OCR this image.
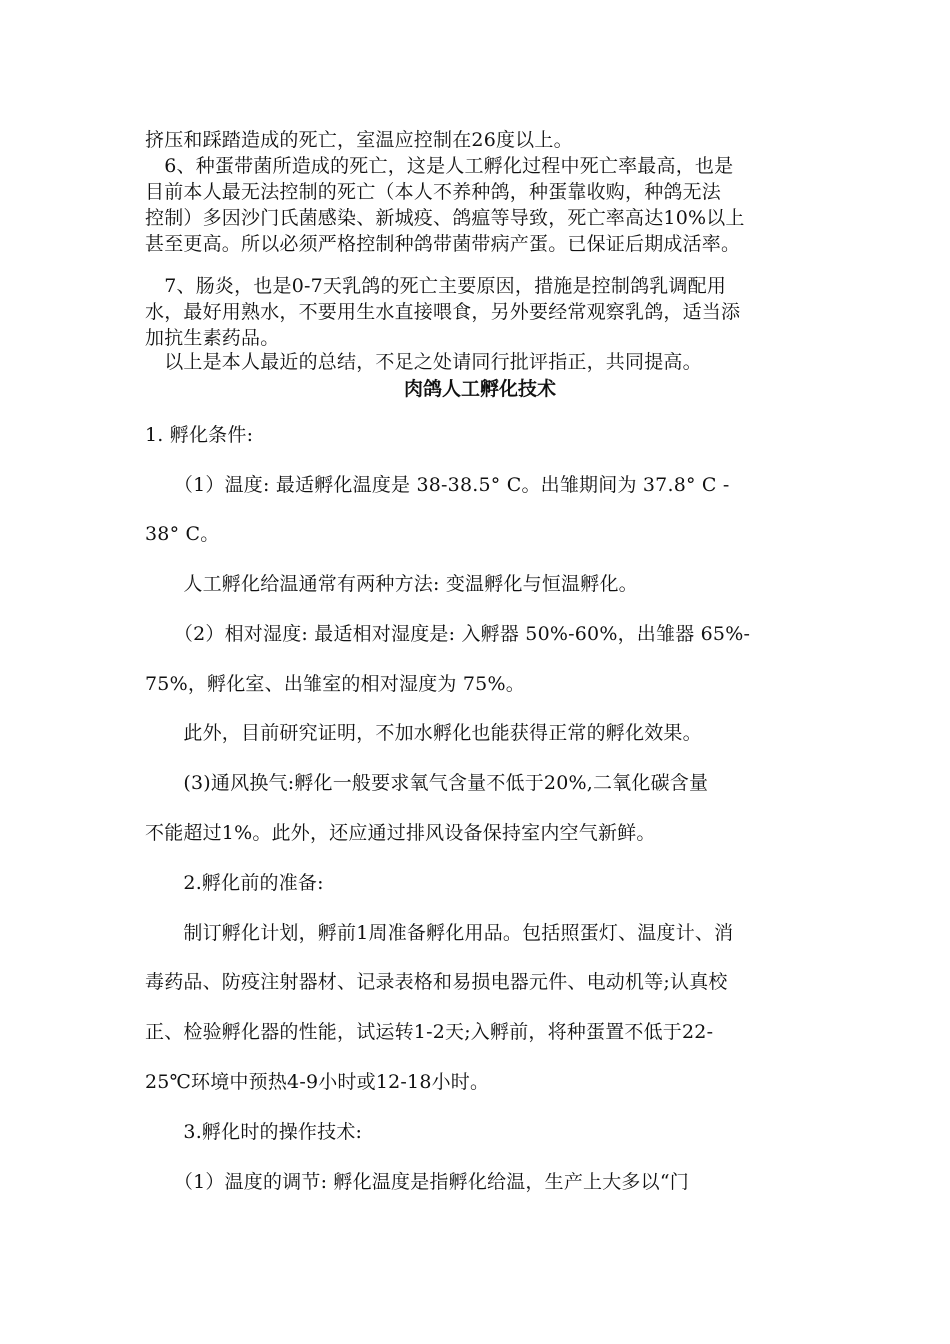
挤压和踩踏造成的死亡，室温应控制在26度以上。
　6、种蛋带菌所造成的死亡，这是人工孵化过程中死亡率最高，也是
目前本人最无法控制的死亡（本人不养种鸽，种蛋靠收购，种鸽无法
控制）多因沙门氏菌感染、新城疫、鸽瘟等导致，死亡率高达10%以上
甚至更高。所以必须严格控制种鸽带菌带病产蛋。已保证后期成活率。
　7、肠炎，也是0-7天乳鸽的死亡主要原因，措施是控制鸽乳调配用
水，最好用熟水，不要用生水直接喂食，另外要经常观察乳鸽，适当添
加抗生素药品。
　以上是本人最近的总结，不足之处请同行批评指正，共同提高。
肉鸽人工孵化技术
1. 孵化条件:
　　（1）温度: 最适孵化温度是 38-38.5° C。出雏期间为 37.8° C -
38° C。
　　人工孵化给温通常有两种方法: 变温孵化与恒温孵化。
　　（2）相对湿度: 最适相对湿度是: 入孵器 50%-60%，出雏器 65%-
75%，孵化室、出雏室的相对湿度为 75%。
　　此外，目前研究证明，不加水孵化也能获得正常的孵化效果。
　　(3)通风换气:孵化一般要求氧气含量不低于20%,二氧化碳含量
不能超过1%。此外，还应通过排风设备保持室内空气新鲜。
　　2.孵化前的准备:
　　制订孵化计划，孵前1周准备孵化用品。包括照蛋灯、温度计、消
毒药品、防疫注射器材、记录表格和易损电器元件、电动机等;认真校
正、检验孵化器的性能，试运转1-2天;入孵前，将种蛋置不低于22-
25℃环境中预热4-9小时或12-18小时。
　　3.孵化时的操作技术:
　　（1）温度的调节: 孵化温度是指孵化给温，生产上大多以“门
